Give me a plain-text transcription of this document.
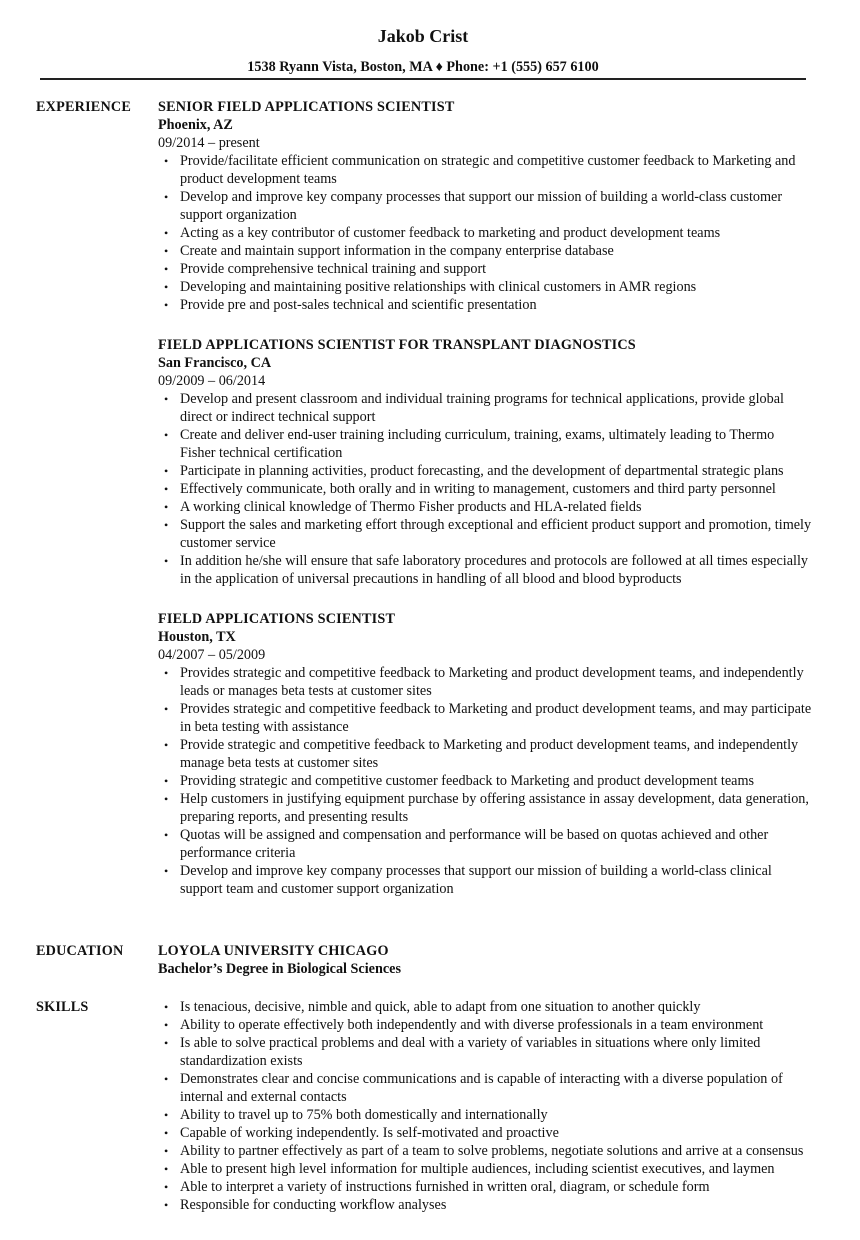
Jakob Crist
1538 Ryann Vista, Boston, MA ♦ Phone: +1 (555) 657 6100
EXPERIENCE	SENIOR FIELD APPLICATIONS SCIENTIST
Phoenix, AZ
09/2014 – present
• Provide/facilitate efficient communication on strategic and competitive customer feedback to Marketing and product development teams
• Develop and improve key company processes that support our mission of building a world-class customer support organization
• Acting as a key contributor of customer feedback to marketing and product development teams
• Create and maintain support information in the company enterprise database
• Provide comprehensive technical training and support
• Developing and maintaining positive relationships with clinical customers in AMR regions
• Provide pre and post-sales technical and scientific presentation
FIELD APPLICATIONS SCIENTIST FOR TRANSPLANT DIAGNOSTICS
San Francisco, CA
09/2009 – 06/2014
• Develop and present classroom and individual training programs for technical applications, provide global direct or indirect technical support
• Create and deliver end-user training including curriculum, training, exams, ultimately leading to Thermo Fisher technical certification
• Participate in planning activities, product forecasting, and the development of departmental strategic plans
• Effectively communicate, both orally and in writing to management, customers and third party personnel
• A working clinical knowledge of Thermo Fisher products and HLA-related fields
• Support the sales and marketing effort through exceptional and efficient product support and promotion, timely customer service
• In addition he/she will ensure that safe laboratory procedures and protocols are followed at all times especially in the application of universal precautions in handling of all blood and blood byproducts
FIELD APPLICATIONS SCIENTIST
Houston, TX
04/2007 – 05/2009
• Provides strategic and competitive feedback to Marketing and product development teams, and independently leads or manages beta tests at customer sites
• Provides strategic and competitive feedback to Marketing and product development teams, and may participate in beta testing with assistance
• Provide strategic and competitive feedback to Marketing and product development teams, and independently manage beta tests at customer sites
• Providing strategic and competitive customer feedback to Marketing and product development teams
• Help customers in justifying equipment purchase by offering assistance in assay development, data generation, preparing reports, and presenting results
• Quotas will be assigned and compensation and performance will be based on quotas achieved and other performance criteria
• Develop and improve key company processes that support our mission of building a world-class clinical support team and customer support organization
EDUCATION	LOYOLA UNIVERSITY CHICAGO
Bachelor’s Degree in Biological Sciences
SKILLS
•	Is tenacious, decisive, nimble and quick, able to adapt from one situation to another quickly
• Ability to operate effectively both independently and with diverse professionals in a team environment
• Is able to solve practical problems and deal with a variety of variables in situations where only limited standardization exists
• Demonstrates clear and concise communications and is capable of interacting with a diverse population of internal and external contacts
• Ability to travel up to 75% both domestically and internationally
• Capable of working independently. Is self-motivated and proactive
• Ability to partner effectively as part of a team to solve problems, negotiate solutions and arrive at a consensus
• Able to present high level information for multiple audiences, including scientist executives, and laymen
• Able to interpret a variety of instructions furnished in written oral, diagram, or schedule form
• Responsible for conducting workflow analyses
